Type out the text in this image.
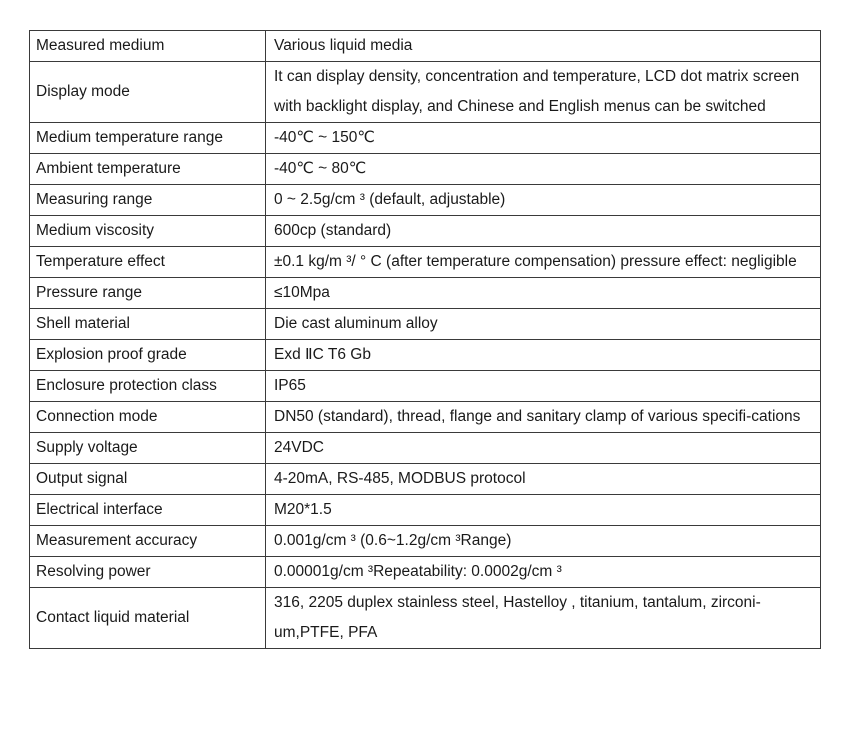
Measured medium	Various liquid media
Display mode	It can display density, concentration and temperature, LCD dot matrix screen with backlight display, and Chinese and English menus can be switched
Medium temperature range	-40℃ ~ 150℃
Ambient temperature	-40℃ ~ 80℃
Measuring range	0 ~ 2.5g/cm ³ (default, adjustable)
Medium viscosity	600cp (standard)
Temperature effect	±0.1 kg/m ³/ ° C (after temperature compensation) pressure effect: negligible
Pressure range	≤10Mpa
Shell material	Die cast aluminum alloy
Explosion proof grade	Exd ⅡC T6 Gb
Enclosure protection class	IP65
Connection mode	DN50 (standard), thread, flange and sanitary clamp of various specifi-cations
Supply voltage	24VDC
Output signal	4-20mA, RS-485, MODBUS protocol
Electrical interface	M20*1.5
Measurement accuracy	0.001g/cm ³ (0.6~1.2g/cm ³Range)
Resolving power	0.00001g/cm ³Repeatability: 0.0002g/cm ³
Contact liquid material	316, 2205 duplex stainless steel, Hastelloy , titanium, tantalum, zirconi-um,PTFE, PFA
